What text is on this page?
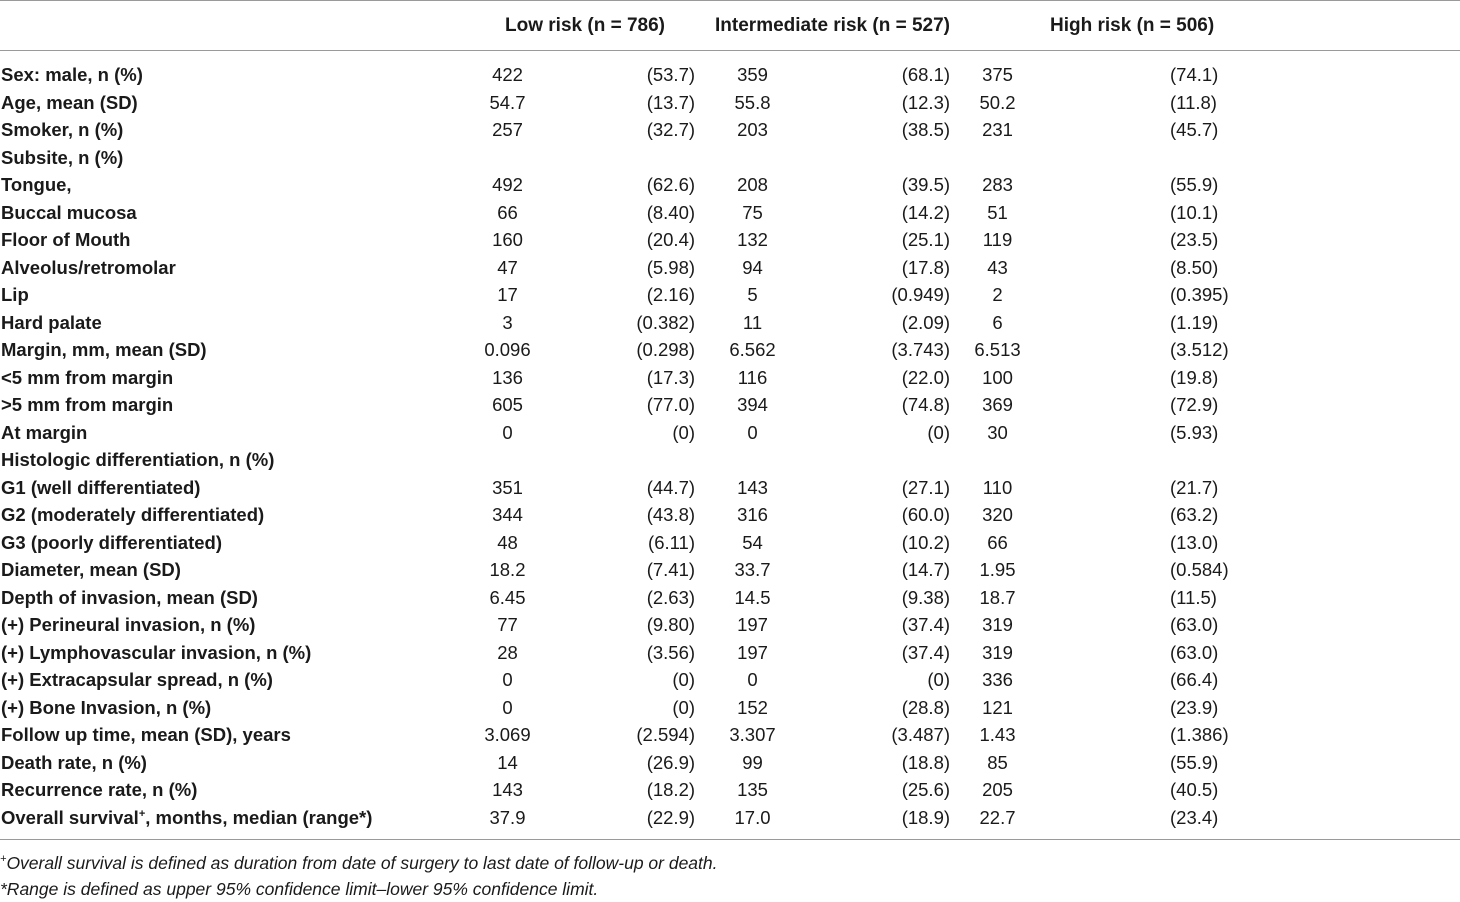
	Low risk (n = 786)		Intermediate risk (n = 527)		High risk (n = 506)	
Sex: male, n (%)	422	(53.7)	359	(68.1)	375	(74.1)
Age, mean (SD)	54.7	(13.7)	55.8	(12.3)	50.2	(11.8)
Smoker, n (%)	257	(32.7)	203	(38.5)	231	(45.7)
Subsite, n (%)						
Tongue,	492	(62.6)	208	(39.5)	283	(55.9)
Buccal mucosa	66	(8.40)	75	(14.2)	51	(10.1)
Floor of Mouth	160	(20.4)	132	(25.1)	119	(23.5)
Alveolus/retromolar	47	(5.98)	94	(17.8)	43	(8.50)
Lip	17	(2.16)	5	(0.949)	2	(0.395)
Hard palate	3	(0.382)	11	(2.09)	6	(1.19)
Margin, mm, mean (SD)	0.096	(0.298)	6.562	(3.743)	6.513	(3.512)
<5 mm from margin	136	(17.3)	116	(22.0)	100	(19.8)
>5 mm from margin	605	(77.0)	394	(74.8)	369	(72.9)
At margin	0	(0)	0	(0)	30	(5.93)
Histologic differentiation, n (%)						
G1 (well differentiated)	351	(44.7)	143	(27.1)	110	(21.7)
G2 (moderately differentiated)	344	(43.8)	316	(60.0)	320	(63.2)
G3 (poorly differentiated)	48	(6.11)	54	(10.2)	66	(13.0)
Diameter, mean (SD)	18.2	(7.41)	33.7	(14.7)	1.95	(0.584)
Depth of invasion, mean (SD)	6.45	(2.63)	14.5	(9.38)	18.7	(11.5)
(+) Perineural invasion, n (%)	77	(9.80)	197	(37.4)	319	(63.0)
(+) Lymphovascular invasion, n (%)	28	(3.56)	197	(37.4)	319	(63.0)
(+) Extracapsular spread, n (%)	0	(0)	0	(0)	336	(66.4)
(+) Bone Invasion, n (%)	0	(0)	152	(28.8)	121	(23.9)
Follow up time, mean (SD), years	3.069	(2.594)	3.307	(3.487)	1.43	(1.386)
Death rate, n (%)	14	(26.9)	99	(18.8)	85	(55.9)
Recurrence rate, n (%)	143	(18.2)	135	(25.6)	205	(40.5)
Overall survival+, months, median (range*)	37.9	(22.9)	17.0	(18.9)	22.7	(23.4)

+Overall survival is defined as duration from date of surgery to last date of follow-up or death.

*Range is defined as upper 95% confidence limit–lower 95% confidence limit.
